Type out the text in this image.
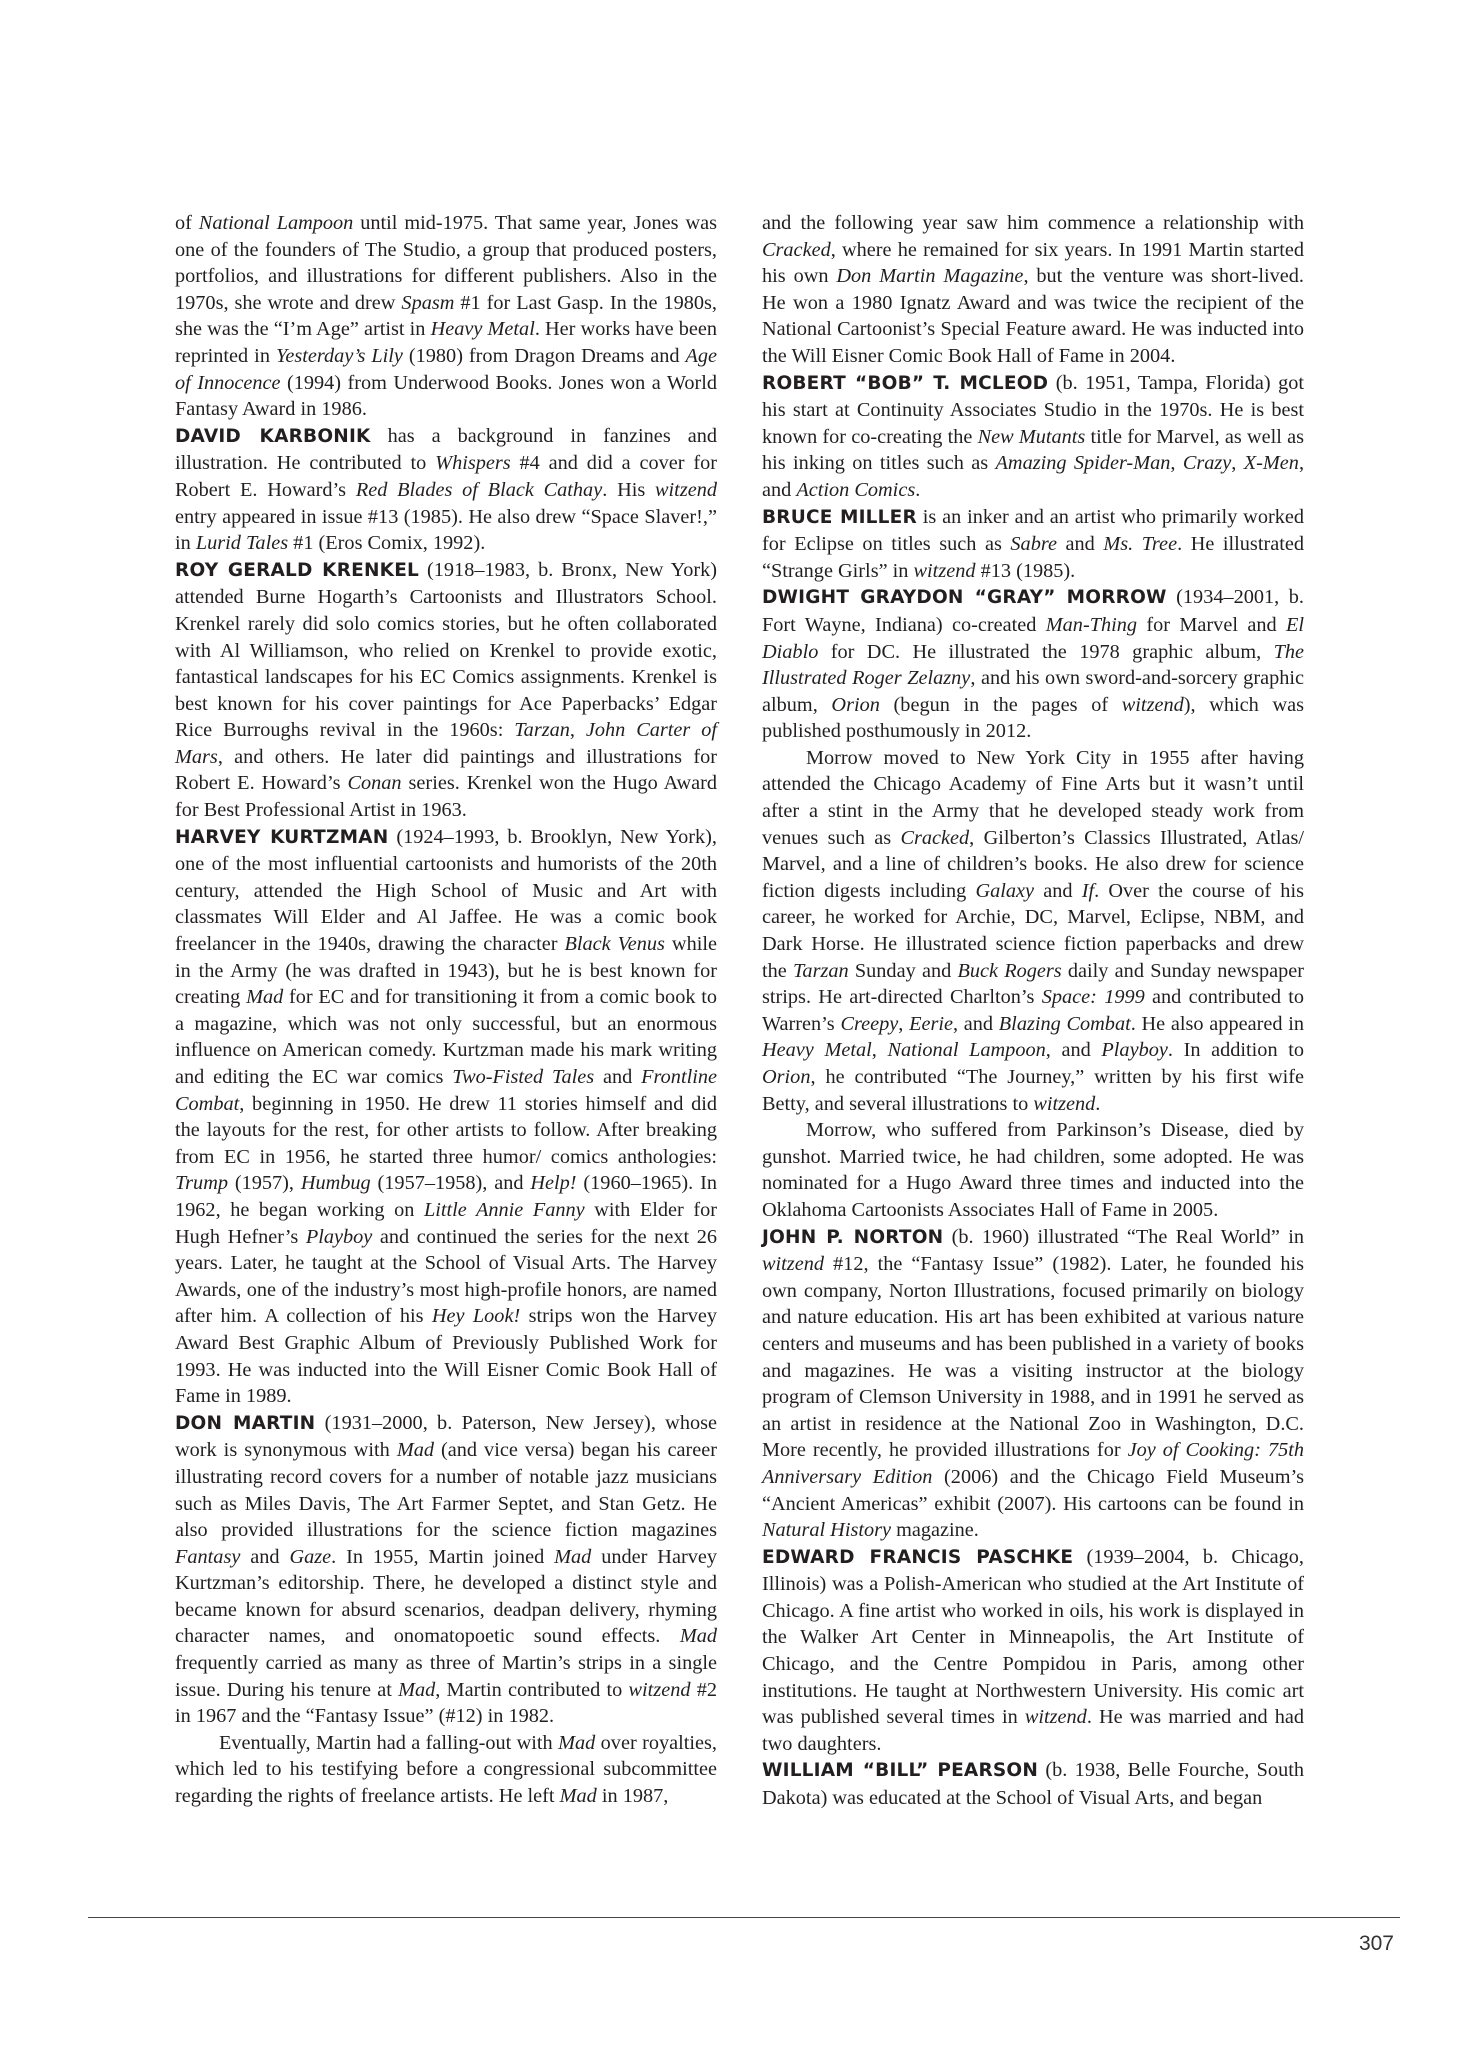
of National Lampoon until mid-1975. That same year, Jones was one of the founders of The Studio, a group that produced posters, portfolios, and illustrations for different publishers. Also in the 1970s, she wrote and drew Spasm #1 for Last Gasp. In the 1980s, she was the “I’m Age” artist in Heavy Metal. Her works have been reprinted in Yesterday’s Lily (1980) from Dragon Dreams and Age of Innocence (1994) from Underwood Books. Jones won a World Fantasy Award in 1986.

DAVID KARBONIK has a background in fanzines and illustration. He contributed to Whispers #4 and did a cover for Robert E. Howard’s Red Blades of Black Cathay. His witzend entry appeared in issue #13 (1985). He also drew “Space Slaver!,” in Lurid Tales #1 (Eros Comix, 1992).

ROY GERALD KRENKEL (1918–1983, b. Bronx, New York) attended Burne Hogarth’s Cartoonists and Illustrators School. Krenkel rarely did solo comics stories, but he often collaborated with Al Williamson, who relied on Krenkel to provide exotic, fantastical landscapes for his EC Comics assignments. Krenkel is best known for his cover paintings for Ace Paperbacks’ Edgar Rice Burroughs revival in the 1960s: Tarzan, John Carter of Mars, and others. He later did paintings and illustrations for Robert E. Howard’s Conan series. Krenkel won the Hugo Award for Best Professional Artist in 1963.

HARVEY KURTZMAN (1924–1993, b. Brooklyn, New York), one of the most influential cartoonists and humorists of the 20th century, attended the High School of Music and Art with classmates Will Elder and Al Jaffee. He was a comic book freelancer in the 1940s, drawing the character Black Venus while in the Army (he was drafted in 1943), but he is best known for creating Mad for EC and for transitioning it from a comic book to a magazine, which was not only successful, but an enormous influence on American comedy. Kurtzman made his mark writing and editing the EC war comics Two-Fisted Tales and Frontline Combat, beginning in 1950. He drew 11 stories himself and did the layouts for the rest, for other artists to follow. After breaking from EC in 1956, he started three humor/ comics anthologies: Trump (1957), Humbug (1957–1958), and Help! (1960–1965). In 1962, he began working on Little Annie Fanny with Elder for Hugh Hefner’s Playboy and continued the series for the next 26 years. Later, he taught at the School of Visual Arts. The Harvey Awards, one of the industry’s most high-profile honors, are named after him. A collection of his Hey Look! strips won the Harvey Award Best Graphic Album of Previously Published Work for 1993. He was inducted into the Will Eisner Comic Book Hall of Fame in 1989.

DON MARTIN (1931–2000, b. Paterson, New Jersey), whose work is synonymous with Mad (and vice versa) began his career illustrating record covers for a number of notable jazz musicians such as Miles Davis, The Art Farmer Septet, and Stan Getz. He also provided illustrations for the science fiction magazines Fantasy and Gaze. In 1955, Martin joined Mad under Harvey Kurtzman’s editorship. There, he developed a distinct style and became known for absurd scenarios, deadpan delivery, rhyming character names, and onomatopoetic sound effects. Mad frequently carried as many as three of Martin’s strips in a single issue. During his tenure at Mad, Martin contributed to witzend #2 in 1967 and the “Fantasy Issue” (#12) in 1982.

Eventually, Martin had a falling-out with Mad over royalties, which led to his testifying before a congressional subcommittee regarding the rights of freelance artists. He left Mad in 1987,

and the following year saw him commence a relationship with Cracked, where he remained for six years. In 1991 Martin started his own Don Martin Magazine, but the venture was short-lived. He won a 1980 Ignatz Award and was twice the recipient of the National Cartoonist’s Special Feature award. He was inducted into the Will Eisner Comic Book Hall of Fame in 2004.

ROBERT “BOB” T. MCLEOD (b. 1951, Tampa, Florida) got his start at Continuity Associates Studio in the 1970s. He is best known for co-creating the New Mutants title for Marvel, as well as his inking on titles such as Amazing Spider-Man, Crazy, X-Men, and Action Comics.

BRUCE MILLER is an inker and an artist who primarily worked for Eclipse on titles such as Sabre and Ms. Tree. He illustrated “Strange Girls” in witzend #13 (1985).

DWIGHT GRAYDON “GRAY” MORROW (1934–2001, b. Fort Wayne, Indiana) co-created Man-Thing for Marvel and El Diablo for DC. He illustrated the 1978 graphic album, The Illustrated Roger Zelazny, and his own sword-and-sorcery graphic album, Orion (begun in the pages of witzend), which was published posthumously in 2012.

Morrow moved to New York City in 1955 after having attended the Chicago Academy of Fine Arts but it wasn’t until after a stint in the Army that he developed steady work from venues such as Cracked, Gilberton’s Classics Illustrated, Atlas/ Marvel, and a line of children’s books. He also drew for science fiction digests including Galaxy and If. Over the course of his career, he worked for Archie, DC, Marvel, Eclipse, NBM, and Dark Horse. He illustrated science fiction paperbacks and drew the Tarzan Sunday and Buck Rogers daily and Sunday newspaper strips. He art-directed Charlton’s Space: 1999 and contributed to Warren’s Creepy, Eerie, and Blazing Combat. He also appeared in Heavy Metal, National Lampoon, and Playboy. In addition to Orion, he contributed “The Journey,” written by his first wife Betty, and several illustrations to witzend.

Morrow, who suffered from Parkinson’s Disease, died by gunshot. Married twice, he had children, some adopted. He was nominated for a Hugo Award three times and inducted into the Oklahoma Cartoonists Associates Hall of Fame in 2005.

JOHN P. NORTON (b. 1960) illustrated “The Real World” in witzend #12, the “Fantasy Issue” (1982). Later, he founded his own company, Norton Illustrations, focused primarily on biology and nature education. His art has been exhibited at various nature centers and museums and has been published in a variety of books and magazines. He was a visiting instructor at the biology program of Clemson University in 1988, and in 1991 he served as an artist in residence at the National Zoo in Washington, D.C. More recently, he provided illustrations for Joy of Cooking: 75th Anniversary Edition (2006) and the Chicago Field Museum’s “Ancient Americas” exhibit (2007). His cartoons can be found in Natural History magazine.

EDWARD FRANCIS PASCHKE (1939–2004, b. Chicago, Illinois) was a Polish-American who studied at the Art Institute of Chicago. A fine artist who worked in oils, his work is displayed in the Walker Art Center in Minneapolis, the Art Institute of Chicago, and the Centre Pompidou in Paris, among other institutions. He taught at Northwestern University. His comic art was published several times in witzend. He was married and had two daughters.

WILLIAM “BILL” PEARSON (b. 1938, Belle Fourche, South Dakota) was educated at the School of Visual Arts, and began

307
